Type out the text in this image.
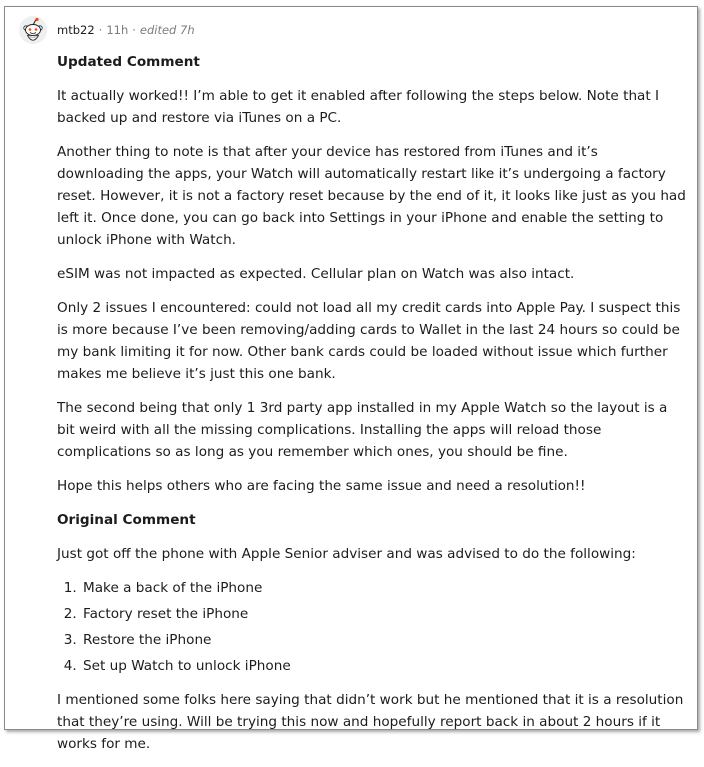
mtb22 · 11h · edited 7h

Updated Comment

It actually worked!! I’m able to get it enabled after following the steps below. Note that I backed up and restore via iTunes on a PC.

Another thing to note is that after your device has restored from iTunes and it’s downloading the apps, your Watch will automatically restart like it’s undergoing a factory reset. However, it is not a factory reset because by the end of it, it looks like just as you had left it. Once done, you can go back into Settings in your iPhone and enable the setting to unlock iPhone with Watch.

eSIM was not impacted as expected. Cellular plan on Watch was also intact.

Only 2 issues I encountered: could not load all my credit cards into Apple Pay. I suspect this is more because I’ve been removing/adding cards to Wallet in the last 24 hours so could be my bank limiting it for now. Other bank cards could be loaded without issue which further makes me believe it’s just this one bank.

The second being that only 1 3rd party app installed in my Apple Watch so the layout is a bit weird with all the missing complications. Installing the apps will reload those complications so as long as you remember which ones, you should be fine.

Hope this helps others who are facing the same issue and need a resolution!!

Original Comment

Just got off the phone with Apple Senior adviser and was advised to do the following:

1. Make a back of the iPhone
2. Factory reset the iPhone
3. Restore the iPhone
4. Set up Watch to unlock iPhone

I mentioned some folks here saying that didn’t work but he mentioned that it is a resolution that they’re using. Will be trying this now and hopefully report back in about 2 hours if it works for me.
